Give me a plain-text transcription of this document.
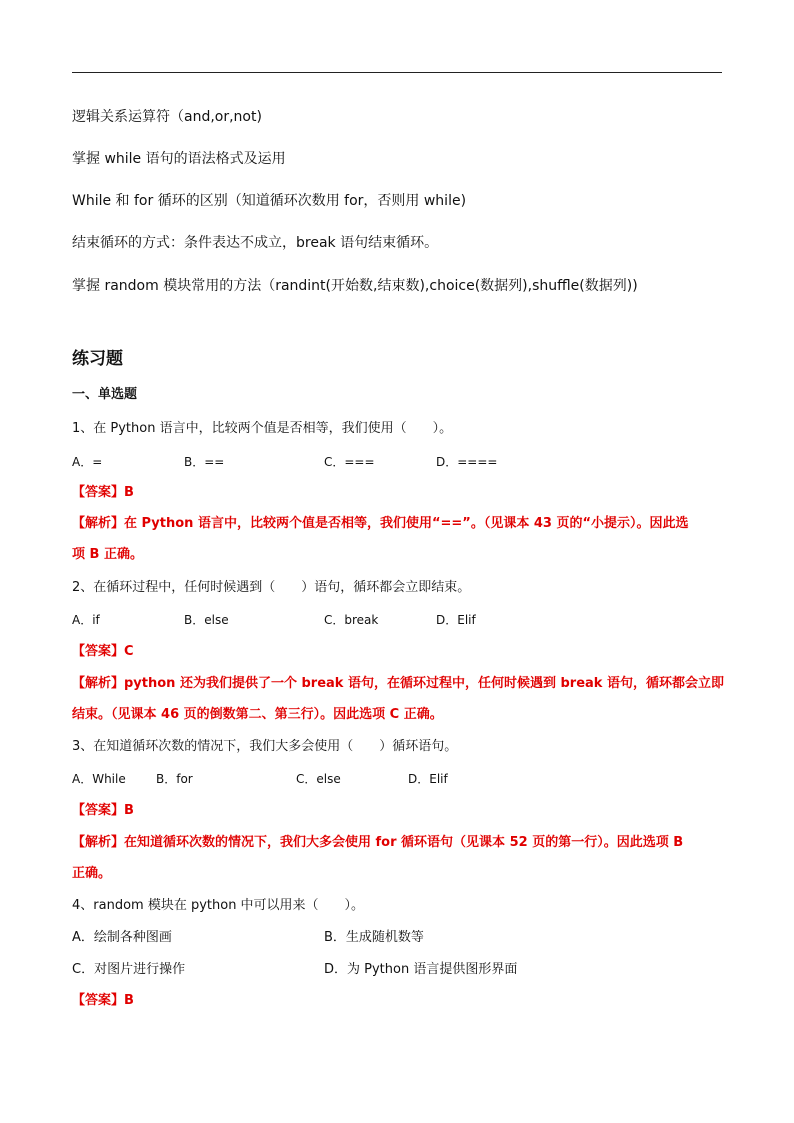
逻辑关系运算符（and,or,not)
掌握 while 语句的语法格式及运用
While 和 for 循环的区别（知道循环次数用 for，否则用 while)
结束循环的方式：条件表达不成立，break 语句结束循环。
掌握 random 模块常用的方法（randint(开始数,结束数),choice(数据列),shuffle(数据列))
练习题
一、单选题
1、在 Python 语言中，比较两个值是否相等，我们使用（　　）。
A．=	B．==	C．===	D．====
【答案】B
【解析】在 Python 语言中，比较两个值是否相等，我们使用“==”。（见课本 43 页的“小提示）。因此选
项 B 正确。
2、在循环过程中，任何时候遇到（　　）语句，循环都会立即结束。
A．if	B．else	C．break	D．Elif
【答案】C
【解析】python 还为我们提供了一个 break 语句，在循环过程中，任何时候遇到 break 语句，循环都会立即
结束。（见课本 46 页的倒数第二、第三行）。因此选项 C 正确。
3、在知道循环次数的情况下，我们大多会使用（　　）循环语句。
A．While	B．for	C．else	D．Elif
【答案】B
【解析】在知道循环次数的情况下，我们大多会使用 for 循环语句（见课本 52 页的第一行）。因此选项 B
正确。
4、random 模块在 python 中可以用来（　　）。
A．绘制各种图画	B．生成随机数等
C．对图片进行操作	D．为 Python 语言提供图形界面
【答案】B
